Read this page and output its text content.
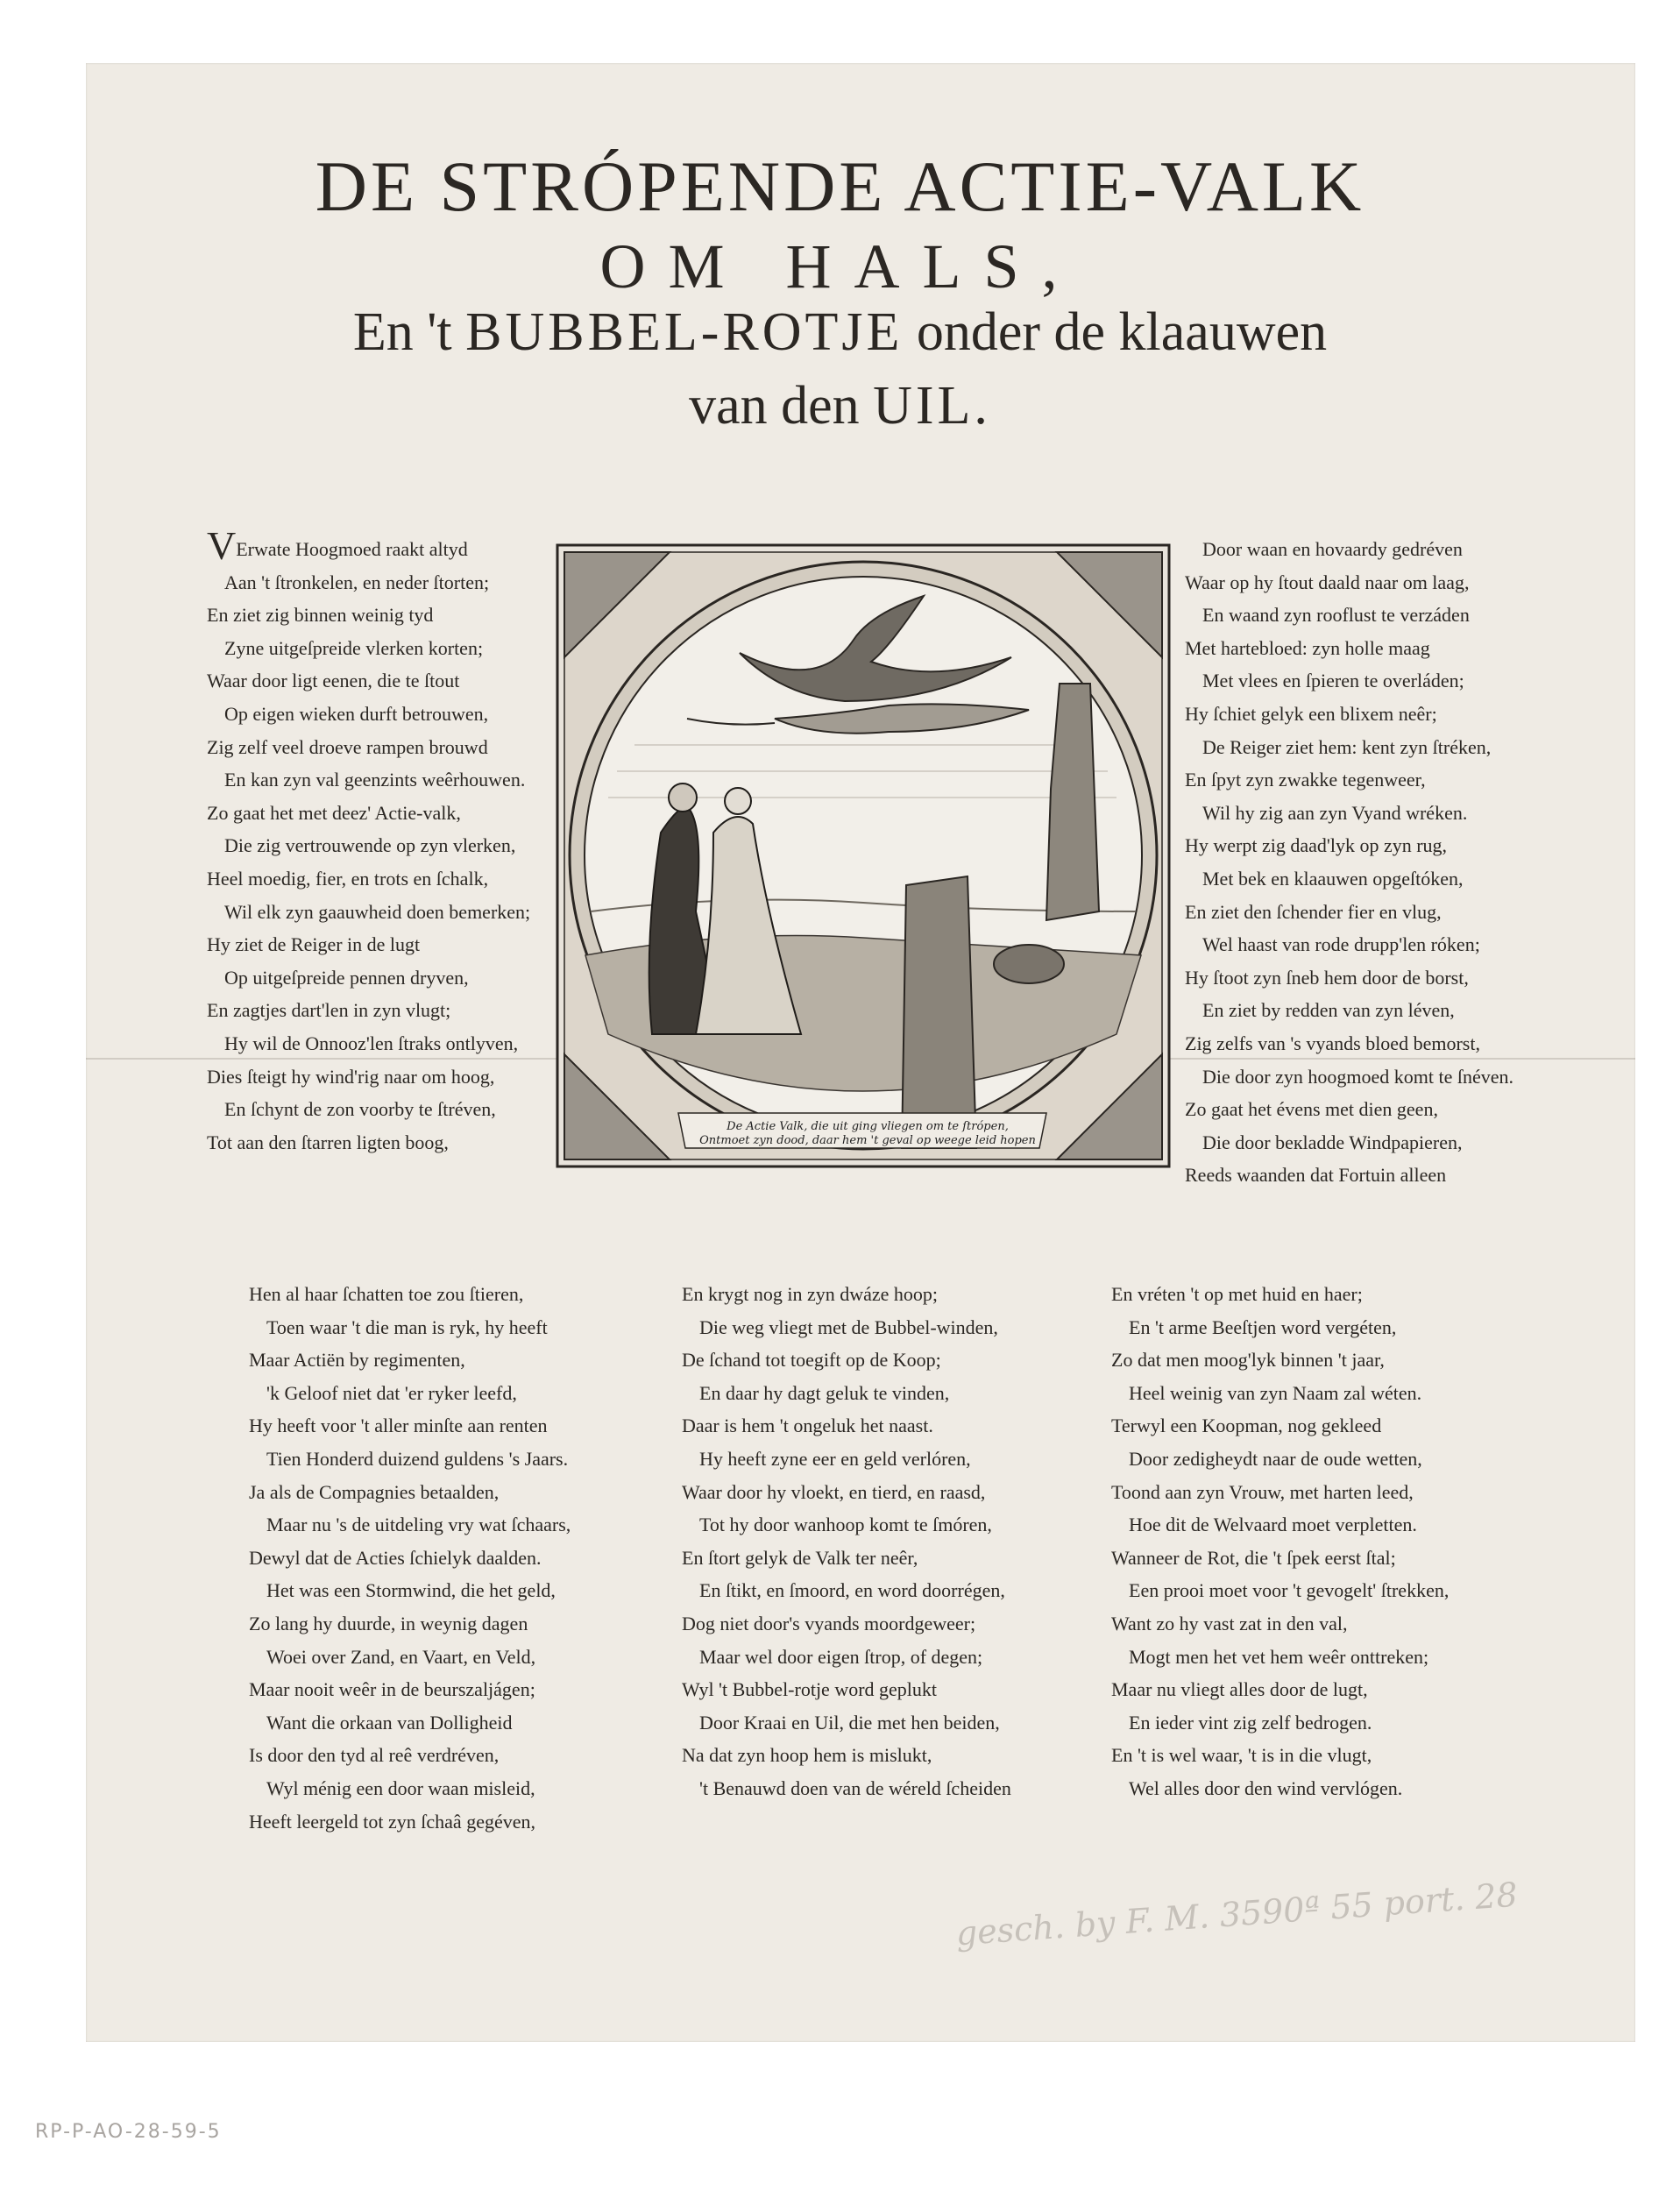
DE STRÓPENDE ACTIE-VALK
OM HALS,
En 't BUBBEL-ROTJE onder de klaauwen
van den UIL.
VErwate Hoogmoed raakt altyd
Aan 't ſtronkelen, en neder ſtorten;
En ziet zig binnen weinig tyd
Zyne uitgeſpreide vlerken korten;
Waar door ligt eenen, die te ſtout
Op eigen wieken durft betrouwen,
Zig zelf veel droeve rampen brouwd
En kan zyn val geenzints weêrhouwen.
Zo gaat het met deez' Actie-valk,
Die zig vertrouwende op zyn vlerken,
Heel moedig, fier, en trots en ſchalk,
Wil elk zyn gaauwheid doen bemerken;
Hy ziet de Reiger in de lugt
Op uitgeſpreide pennen dryven,
En zagtjes dart'len in zyn vlugt;
Hy wil de Onnooz'len ſtraks ontlyven,
Dies ſteigt hy wind'rig naar om hoog,
En ſchynt de zon voorby te ſtréven,
Tot aan den ſtarren ligten boog,
Door waan en hovaardy gedréven
Waar op hy ſtout daald naar om laag,
En waand zyn rooflust te verzáden
Met hartebloed: zyn holle maag
Met vlees en ſpieren te overláden;
Hy ſchiet gelyk een blixem neêr;
De Reiger ziet hem: kent zyn ſtréken,
En ſpyt zyn zwakke tegenweer,
Wil hy zig aan zyn Vyand wréken.
Hy werpt zig daad'lyk op zyn rug,
Met bek en klaauwen opgeſtóken,
En ziet den ſchender fier en vlug,
Wel haast van rode drupp'len róken;
Hy ſtoot zyn ſneb hem door de borst,
En ziet by redden van zyn léven,
Zig zelfs van 's vyands bloed bemorst,
Die door zyn hoogmoed komt te ſnéven.
Zo gaat het évens met dien geen,
Die door beкladde Windpapieren,
Reeds waanden dat Fortuin alleen
De Actie Valk, die uit ging vliegen om te ſtrópen,
Ontmoet zyn dood, daar hem 't geval op weege leid hopen
Hen al haar ſchatten toe zou ſtieren,
Toen waar 't die man is ryk, hy heeft
Maar Actiën by regimenten,
'k Geloof niet dat 'er ryker leefd,
Hy heeft voor 't aller minſte aan renten
Tien Honderd duizend guldens 's Jaars.
Ja als de Compagnies betaalden,
Maar nu 's de uitdeling vry wat ſchaars,
Dewyl dat de Acties ſchielyk daalden.
Het was een Stormwind, die het geld,
Zo lang hy duurde, in weynig dagen
Woei over Zand, en Vaart, en Veld,
Maar nooit weêr in de beurszaljágen;
Want die orkaan van Dolligheid
Is door den tyd al reê verdréven,
Wyl ménig een door waan misleid,
Heeft leergeld tot zyn ſchaâ gegéven,
En krygt nog in zyn dwáze hoop;
Die weg vliegt met de Bubbel-winden,
De ſchand tot toegift op de Koop;
En daar hy dagt geluk te vinden,
Daar is hem 't ongeluk het naast.
Hy heeft zyne eer en geld verlóren,
Waar door hy vloekt, en tierd, en raasd,
Tot hy door wanhoop komt te ſmóren,
En ſtort gelyk de Valk ter neêr,
En ſtikt, en ſmoord, en word doorrégen,
Dog niet door's vyands moordgeweer;
Maar wel door eigen ſtrop, of degen;
Wyl 't Bubbel-rotje word geplukt
Door Kraai en Uil, die met hen beiden,
Na dat zyn hoop hem is mislukt,
't Benauwd doen van de wéreld ſcheiden
En vréten 't op met huid en haer;
En 't arme Beeſtjen word vergéten,
Zo dat men moog'lyk binnen 't jaar,
Heel weinig van zyn Naam zal wéten.
Terwyl een Koopman, nog gekleed
Door zedigheydt naar de oude wetten,
Toond aan zyn Vrouw, met harten leed,
Hoe dit de Welvaard moet verpletten.
Wanneer de Rot, die 't ſpek eerst ſtal;
Een prooi moet voor 't gevogelt' ſtrekken,
Want zo hy vast zat in den val,
Mogt men het vet hem weêr onttreken;
Maar nu vliegt alles door de lugt,
En ieder vint zig zelf bedrogen.
En 't is wel waar, 't is in die vlugt,
Wel alles door den wind vervlógen.
gesch. by F. M. 3590ª 55 port. 28
RP-P-AO-28-59-5
